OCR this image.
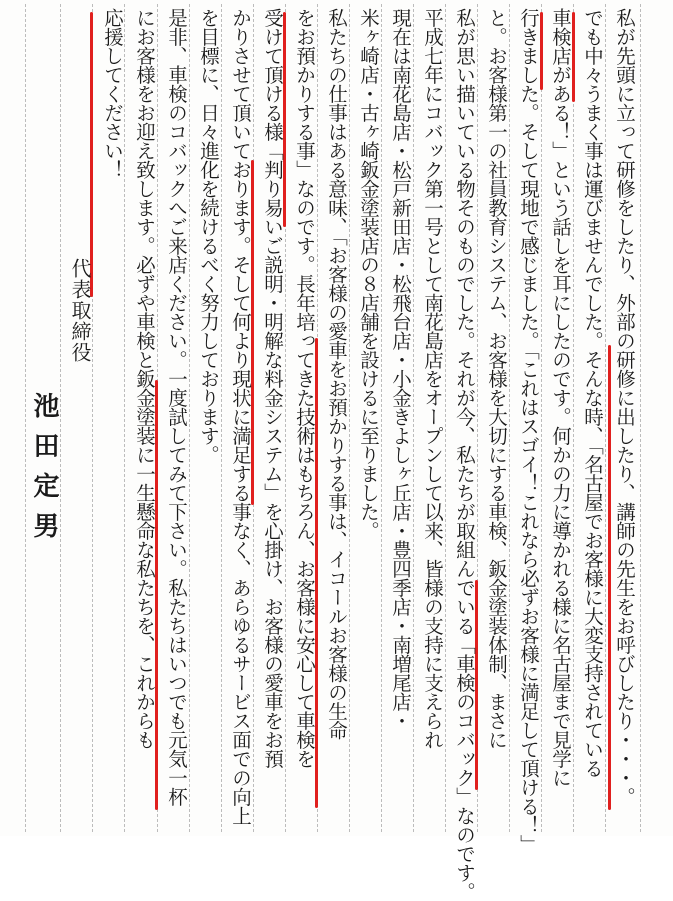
私が先頭に立って研修をしたり、外部の研修に出したり、講師の先生をお呼びしたり・・・。
でも中々うまく事は運びませんでした。そんな時、「名古屋でお客様に大変支持されている
車検店がある！」という話しを耳にしたのです。何かの力に導かれる様に名古屋まで見学に
行きました。そして現地で感じました。「これはスゴイ！これなら必ずお客様に満足して頂ける！」
と。お客様第一の社員教育システム、お客様を大切にする車検、鈑金塗装体制、まさに
私が思い描いている物そのものでした。それが今、私たちが取組んでいる「車検のコバック」なのです。
平成七年にコバック第一号として南花島店をオープンして以来、皆様の支持に支えられ
現在は南花島店・松戸新田店・松飛台店・小金きよしヶ丘店・豊四季店・南増尾店・
米ヶ崎店・古ヶ崎鈑金塗装店の８店舗を設けるに至りました。
私たちの仕事はある意味、「お客様の愛車をお預かりする事は、イコールお客様の生命
をお預かりする事」なのです。長年培ってきた技術はもちろん、お客様に安心して車検を
受けて頂ける様「判り易いご説明・明解な料金システム」を心掛け、お客様の愛車をお預
かりさせて頂いております。そして何より現状に満足する事なく、あらゆるサービス面での向上
を目標に、日々進化を続けるべく努力しております。
是非、車検のコバックへご来店ください。一度試してみて下さい。私たちはいつでも元気一杯
にお客様をお迎え致します。必ずや車検と鈑金塗装に一生懸命な私たちを、これからも
応援してください！
代表取締役
池田定男
